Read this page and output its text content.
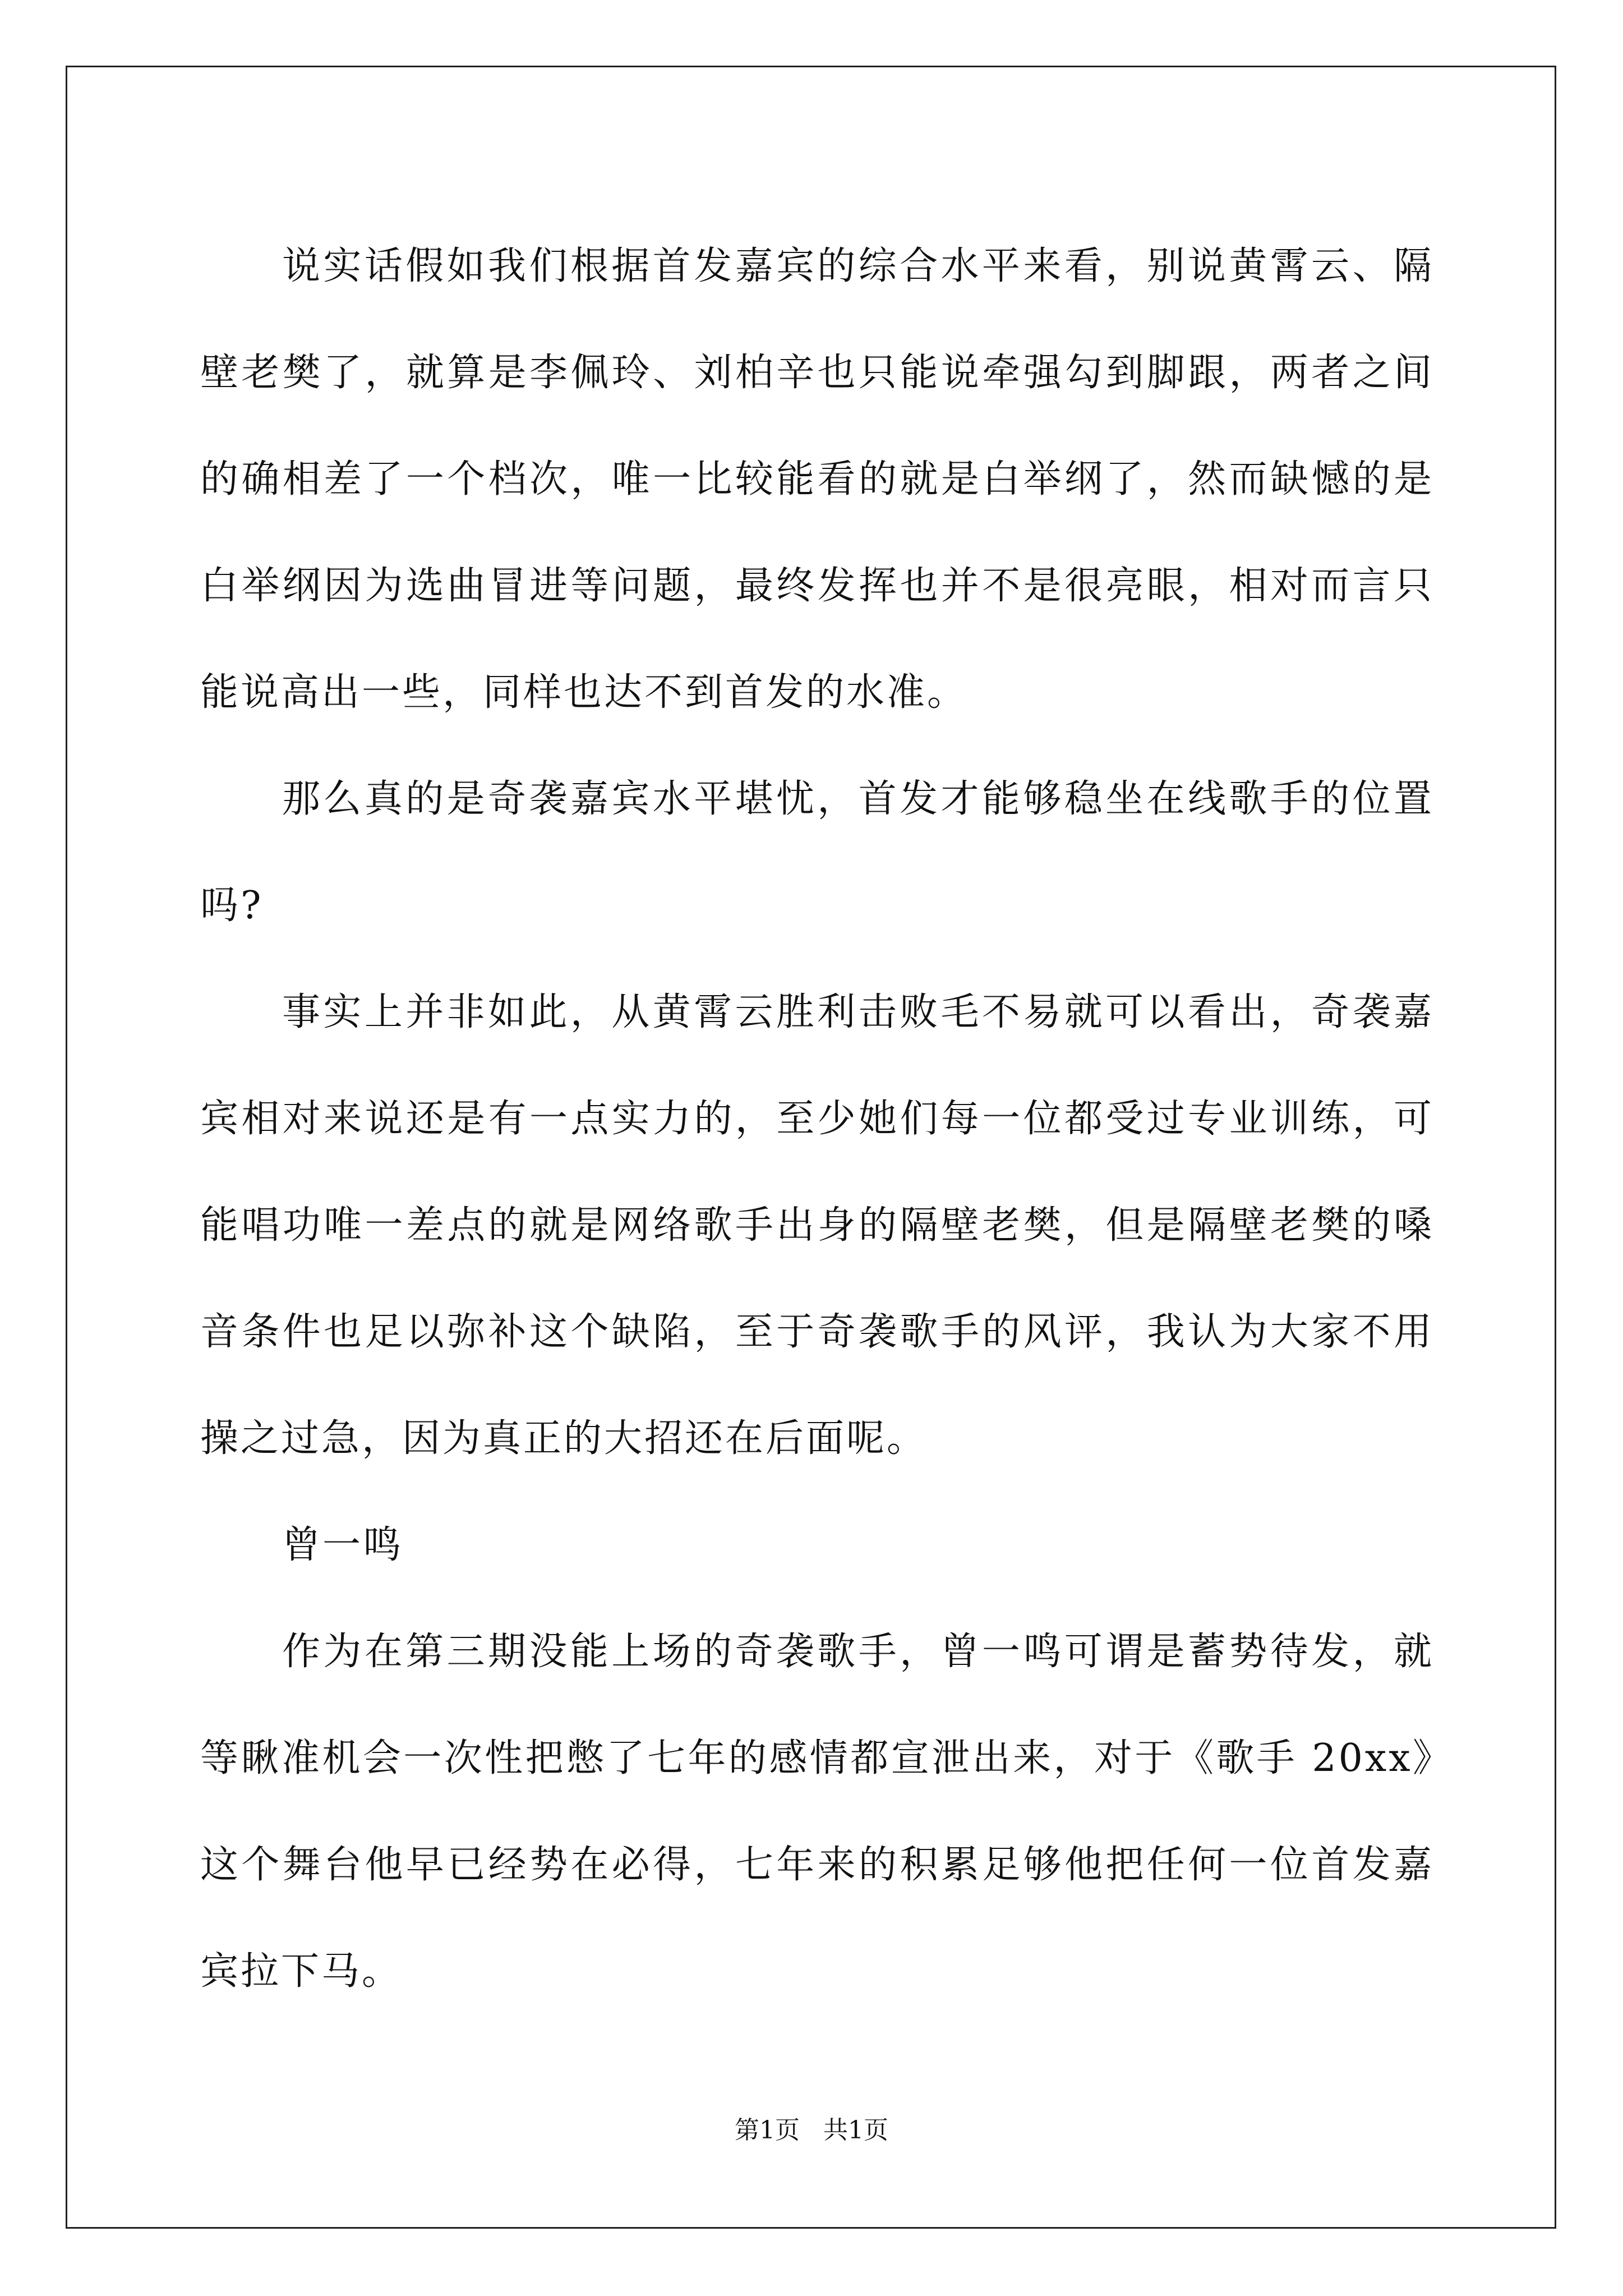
说实话假如我们根据首发嘉宾的综合水平来看，别说黄霄云、隔壁老樊了，就算是李佩玲、刘柏辛也只能说牵强勾到脚跟，两者之间的确相差了一个档次，唯一比较能看的就是白举纲了，然而缺憾的是白举纲因为选曲冒进等问题，最终发挥也并不是很亮眼，相对而言只能说高出一些，同样也达不到首发的水准。

那么真的是奇袭嘉宾水平堪忧，首发才能够稳坐在线歌手的位置吗?

事实上并非如此，从黄霄云胜利击败毛不易就可以看出，奇袭嘉宾相对来说还是有一点实力的，至少她们每一位都受过专业训练，可能唱功唯一差点的就是网络歌手出身的隔壁老樊，但是隔壁老樊的嗓音条件也足以弥补这个缺陷，至于奇袭歌手的风评，我认为大家不用操之过急，因为真正的大招还在后面呢。

曾一鸣

作为在第三期没能上场的奇袭歌手，曾一鸣可谓是蓄势待发，就等瞅准机会一次性把憋了七年的感情都宣泄出来，对于《歌手 20xx》这个舞台他早已经势在必得，七年来的积累足够他把任何一位首发嘉宾拉下马。

第1页 共1页
